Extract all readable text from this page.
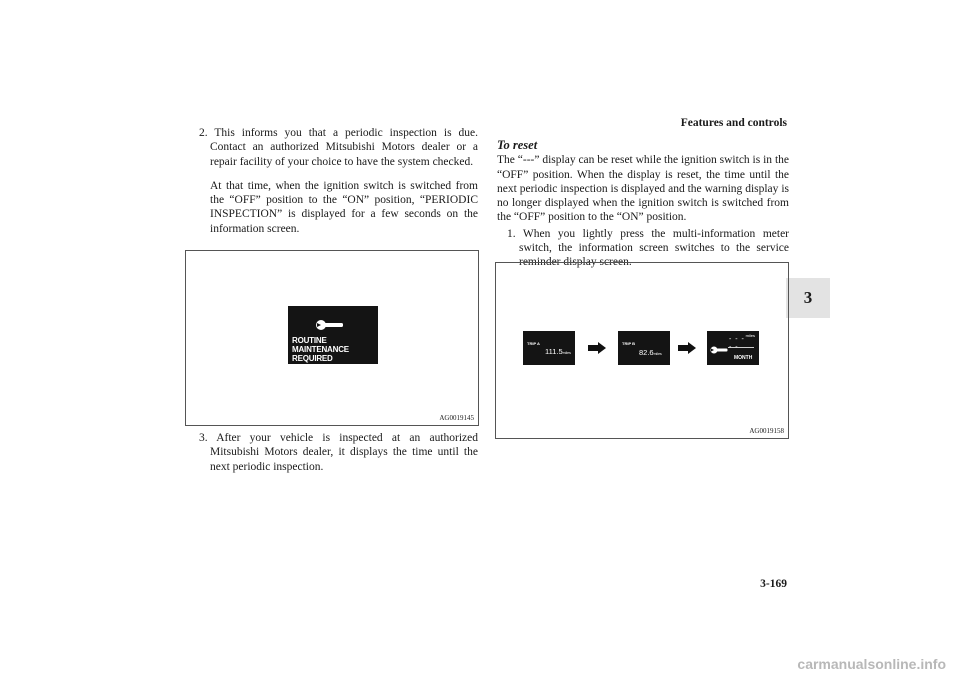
Features and controls
3

2. This informs you that a periodic inspection is due. Contact an authorized Mitsubishi Motors dealer or a repair facility of your choice to have the system checked.

At that time, when the ignition switch is switched from the “OFF” position to the “ON” position, “PERIODIC INSPECTION” is displayed for a few seconds on the information screen.

ROUTINE MAINTENANCE
REQUIRED
AG0019145

3. After your vehicle is inspected at an authorized Mitsubishi Motors dealer, it displays the time until the next periodic inspection.

To reset

The “---” display can be reset while the ignition switch is in the “OFF” position. When the display is reset, the time until the next periodic inspection is displayed and the warning display is no longer displayed when the ignition switch is switched from the “OFF” position to the “ON” position.

1. When you lightly press the multi-information meter switch, the information screen switches to the service reminder display screen.

TRIP A
111.5miles
TRIP B
82.6miles
miles
- - -
- -
MONTH
AG0019158
3-169
carmanualsonline.info
